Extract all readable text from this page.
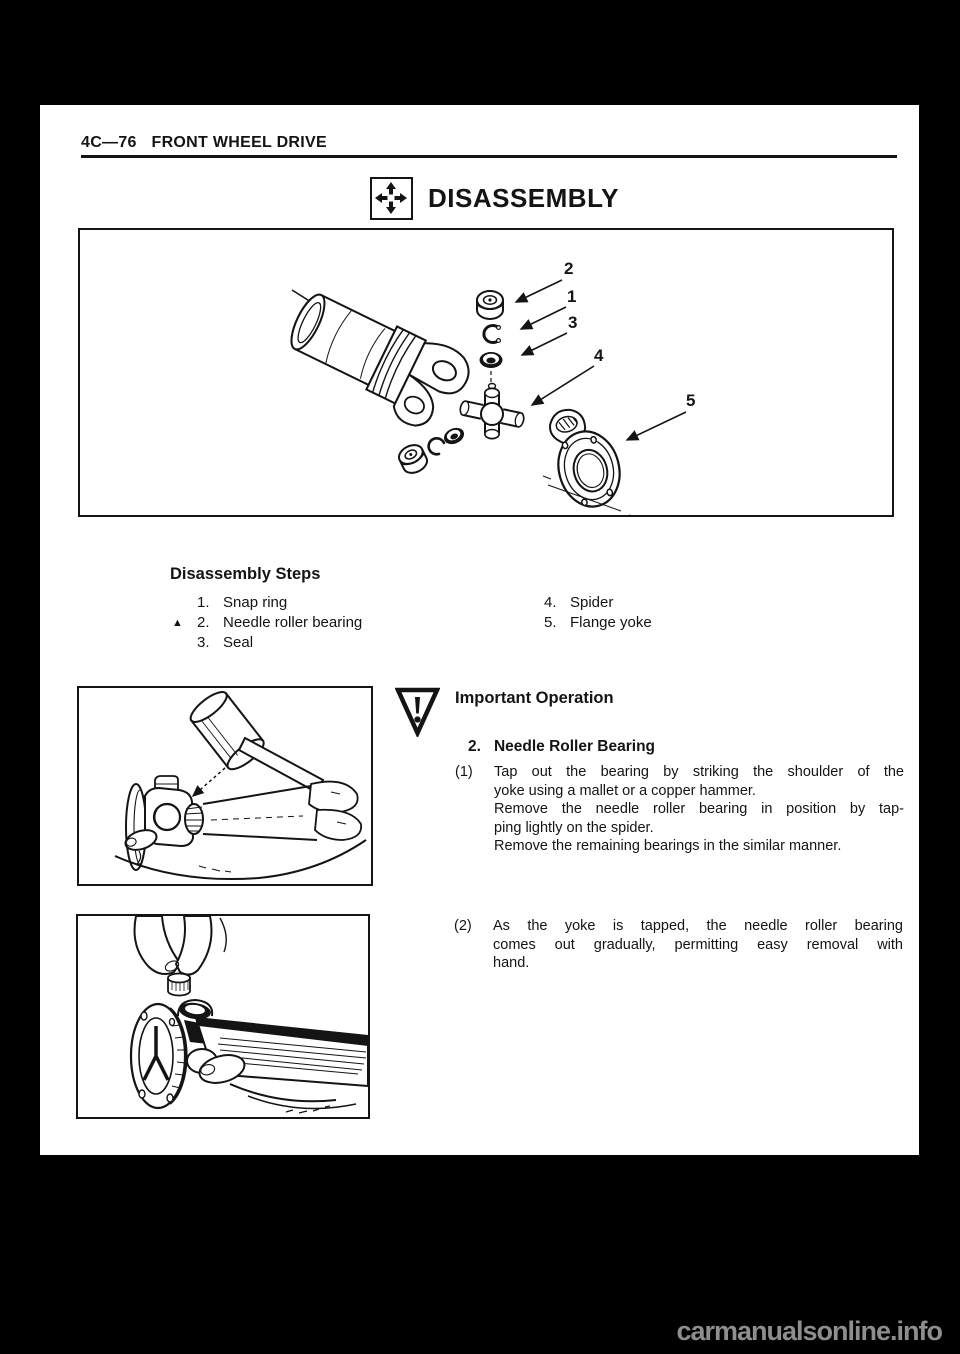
4C—76 FRONT WHEEL DRIVE
DISASSEMBLY
2
1
3
4
5
Disassembly Steps
1. Snap ring
▲ 2. Needle roller bearing
3. Seal
4. Spider
5. Flange yoke
Important Operation
2. Needle Roller Bearing
(1) Tap out the bearing by striking the shoulder of the
yoke using a mallet or a copper hammer.
Remove the needle roller bearing in position by tap-
ping lightly on the spider.
Remove the remaining bearings in the similar manner.
(2) As the yoke is tapped, the needle roller bearing
comes out gradually, permitting easy removal with
hand.
carmanualsonline.info
